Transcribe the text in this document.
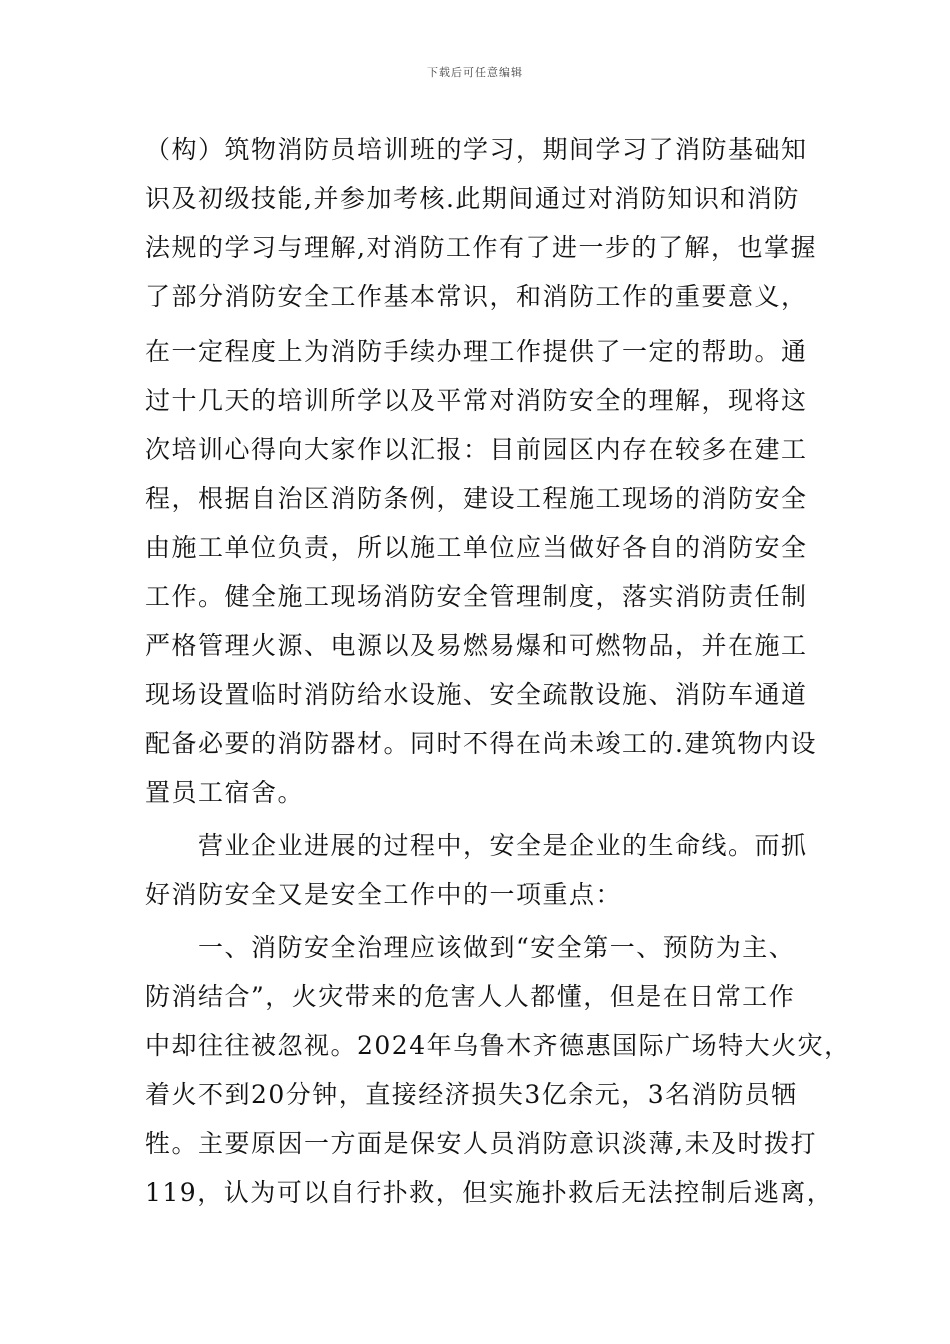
下载后可任意编辑
（构）筑物消防员培训班的学习，期间学习了消防基础知
识及初级技能,并参加考核.此期间通过对消防知识和消防
法规的学习与理解,对消防工作有了进一步的了解，也掌握
了部分消防安全工作基本常识，和消防工作的重要意义，
在一定程度上为消防手续办理工作提供了一定的帮助。通
过十几天的培训所学以及平常对消防安全的理解，现将这
次培训心得向大家作以汇报：目前园区内存在较多在建工
程，根据自治区消防条例，建设工程施工现场的消防安全
由施工单位负责，所以施工单位应当做好各自的消防安全
工作。健全施工现场消防安全管理制度，落实消防责任制
严格管理火源、电源以及易燃易爆和可燃物品，并在施工
现场设置临时消防给水设施、安全疏散设施、消防车通道
配备必要的消防器材。同时不得在尚未竣工的.建筑物内设
置员工宿舍。
营业企业进展的过程中，安全是企业的生命线。而抓
好消防安全又是安全工作中的一项重点：
一、消防安全治理应该做到“安全第一、预防为主、
防消结合”，火灾带来的危害人人都懂，但是在日常工作
中却往往被忽视。2024年乌鲁木齐德惠国际广场特大火灾，
着火不到20分钟，直接经济损失3亿余元，3名消防员牺
牲。主要原因一方面是保安人员消防意识淡薄,未及时拨打
119，认为可以自行扑救，但实施扑救后无法控制后逃离，
